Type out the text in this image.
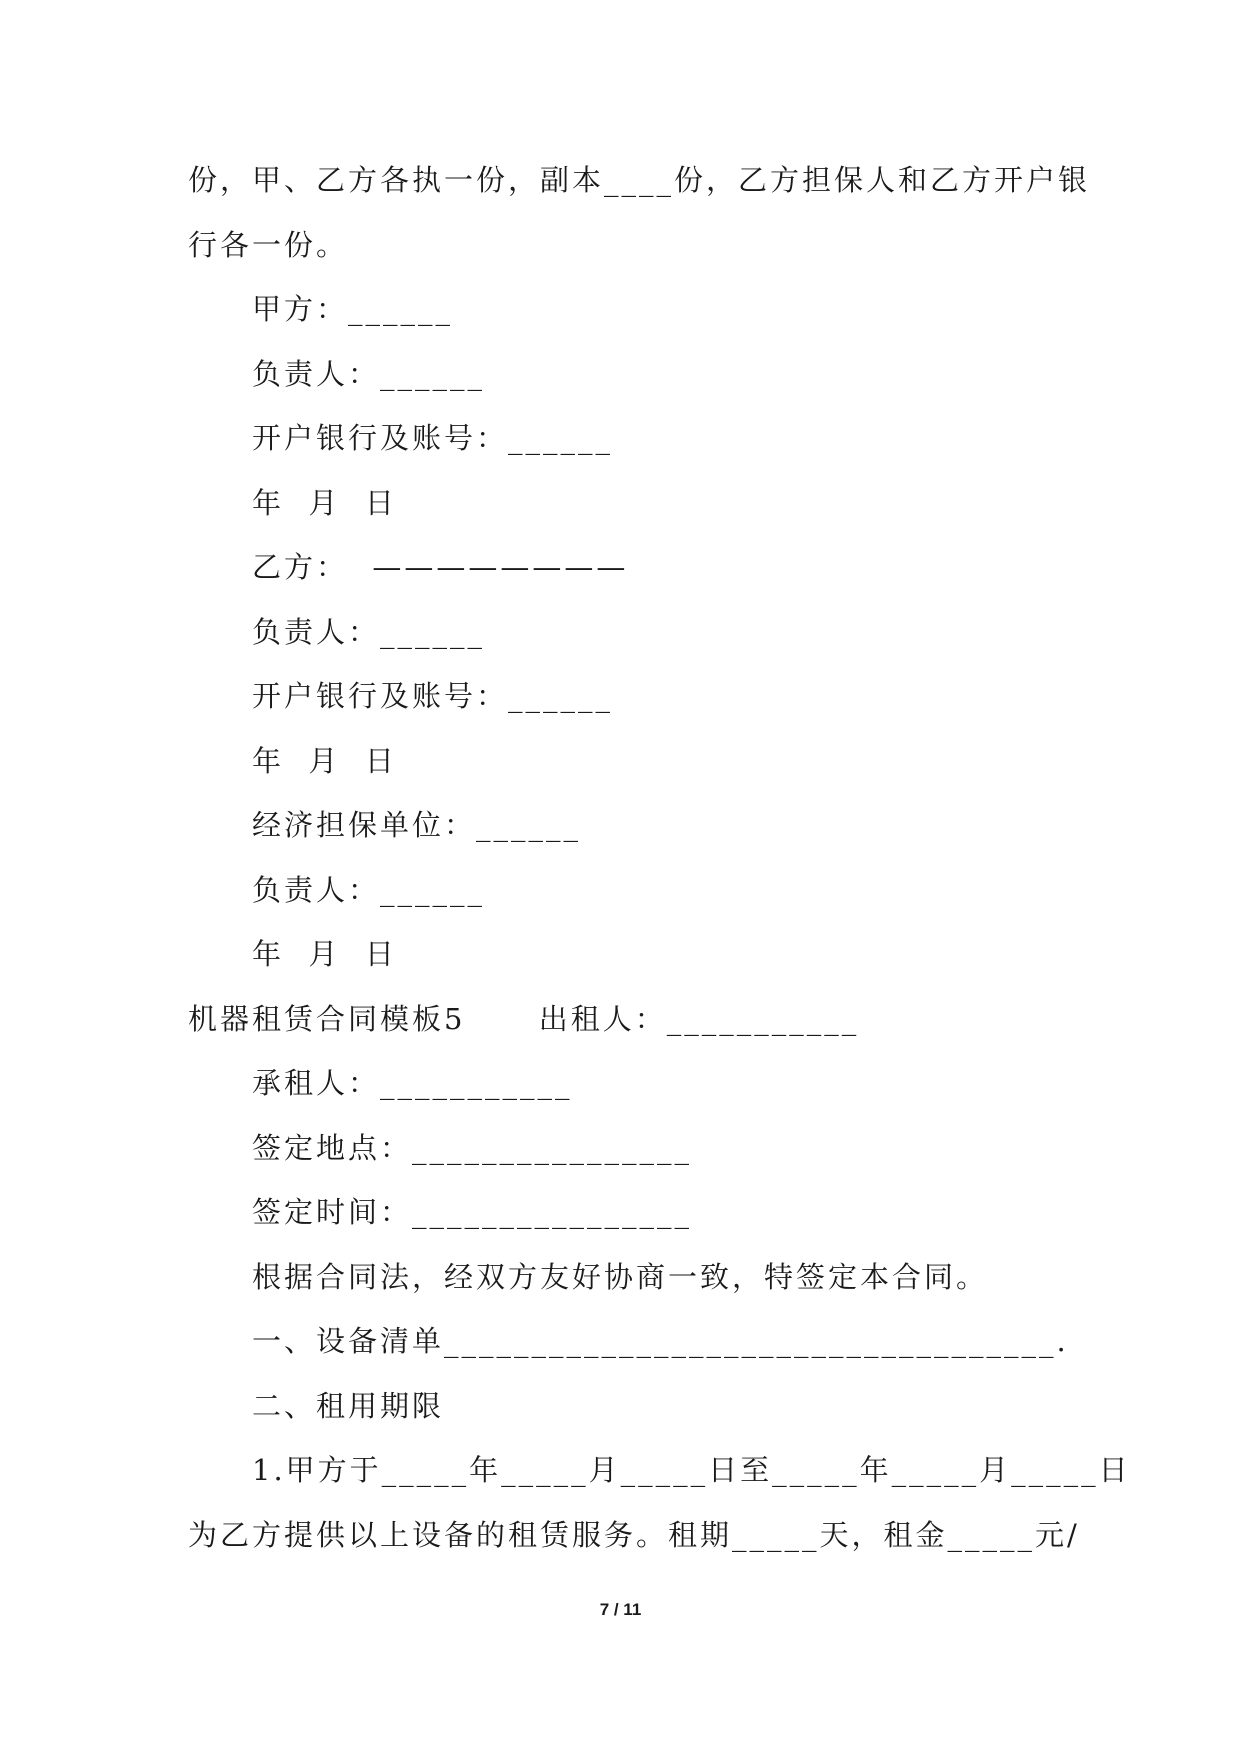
份，甲、乙方各执一份，副本____份，乙方担保人和乙方开户银
行各一份。
甲方：______
负责人：______
开户银行及账号：______
年  月  日
乙方：  ————————
负责人：______
开户银行及账号：______
年  月  日
经济担保单位：______
负责人：______
年  月  日
机器租赁合同模板5      出租人：___________
承租人：___________
签定地点：________________
签定时间：________________
根据合同法，经双方友好协商一致，特签定本合同。
一、设备清单___________________________________.
二、租用期限
1.甲方于_____年_____月_____日至_____年_____月_____日
为乙方提供以上设备的租赁服务。租期_____天，租金_____元/
7 / 11
